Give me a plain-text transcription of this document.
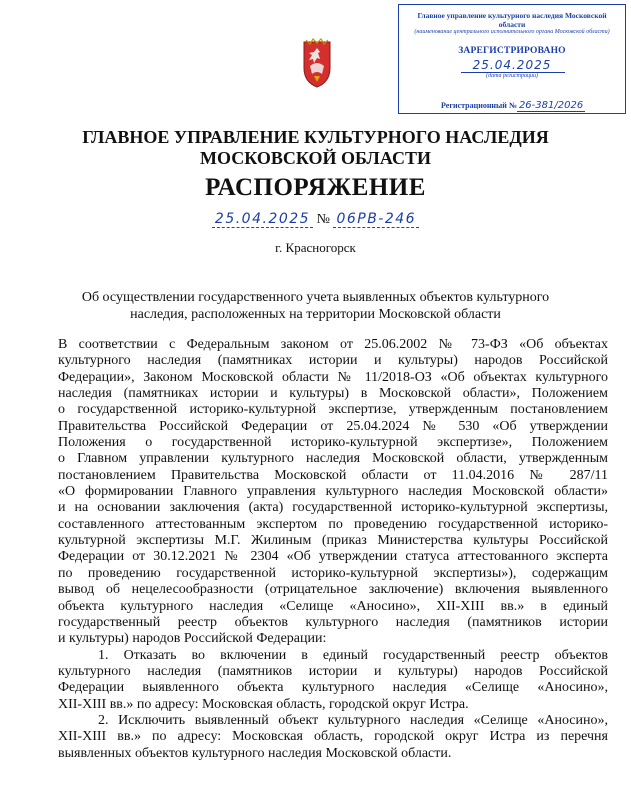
Главное управление культурного наследия Московской области
(наименование центрального исполнительного органа Московской области)
ЗАРЕГИСТРИРОВАНО
25.04.2025
(дата регистрации)
Регистрационный № 26-381/2026
ГЛАВНОЕ УПРАВЛЕНИЕ КУЛЬТУРНОГО НАСЛЕДИЯ
МОСКОВСКОЙ ОБЛАСТИ
РАСПОРЯЖЕНИЕ
25.04.2025 № 06РВ-246
г. Красногорск
Об осуществлении государственного учета выявленных объектов культурного
наследия, расположенных на территории Московской области

В соответствии с Федеральным законом от 25.06.2002 № 73-ФЗ «Об объектах

культурного наследия (памятниках истории и культуры) народов Российской

Федерации», Законом Московской области № 11/2018-ОЗ «Об объектах культурного

наследия (памятниках истории и культуры) в Московской области», Положением

о государственной историко-культурной экспертизе, утвержденным постановлением

Правительства Российской Федерации от 25.04.2024 № 530 «Об утверждении

Положения о государственной историко-культурной экспертизе», Положением

о Главном управлении культурного наследия Московской области, утвержденным

постановлением Правительства Московской области от 11.04.2016 № 287/11

«О формировании Главного управления культурного наследия Московской области»

и на основании заключения (акта) государственной историко-культурной экспертизы,

составленного аттестованным экспертом по проведению государственной историко-

культурной экспертизы М.Г. Жилиным (приказ Министерства культуры Российской

Федерации от 30.12.2021 № 2304 «Об утверждении статуса аттестованного эксперта

по проведению государственной историко-культурной экспертизы»), содержащим

вывод об нецелесообразности (отрицательное заключение) включения выявленного

объекта культурного наследия «Селище «Аносино», XII-XIII вв.» в единый

государственный реестр объектов культурного наследия (памятников истории

и культуры) народов Российской Федерации:

1. Отказать во включении в единый государственный реестр объектов

культурного наследия (памятников истории и культуры) народов Российской

Федерации выявленного объекта культурного наследия «Селище «Аносино»,

XII-XIII вв.» по адресу: Московская область, городской округ Истра.

2. Исключить выявленный объект культурного наследия «Селище «Аносино»,

XII-XIII вв.» по адресу: Московская область, городской округ Истра из перечня

выявленных объектов культурного наследия Московской области.
